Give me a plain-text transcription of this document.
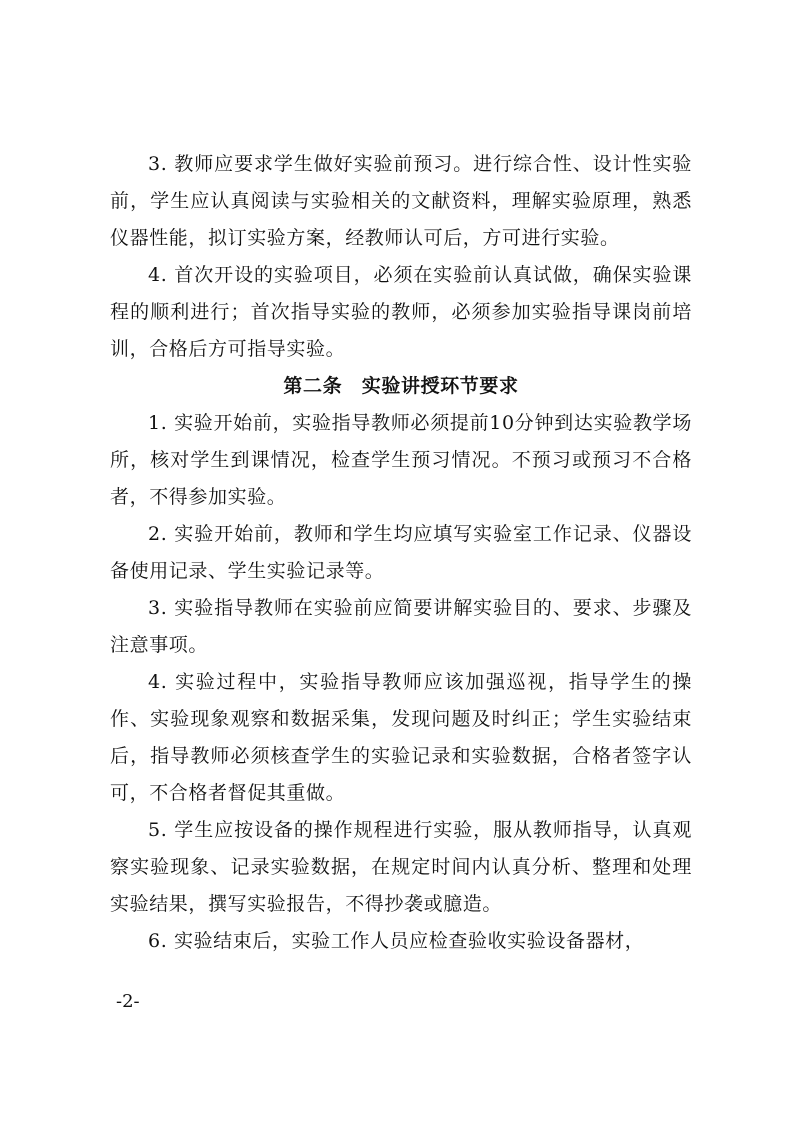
3. 教师应要求学生做好实验前预习。进行综合性、设计性实验前，学生应认真阅读与实验相关的文献资料，理解实验原理，熟悉仪器性能，拟订实验方案，经教师认可后，方可进行实验。

4. 首次开设的实验项目，必须在实验前认真试做，确保实验课程的顺利进行；首次指导实验的教师，必须参加实验指导课岗前培训，合格后方可指导实验。

第二条　实验讲授环节要求

1. 实验开始前，实验指导教师必须提前10分钟到达实验教学场所，核对学生到课情况，检查学生预习情况。不预习或预习不合格者，不得参加实验。

2. 实验开始前，教师和学生均应填写实验室工作记录、仪器设备使用记录、学生实验记录等。

3. 实验指导教师在实验前应简要讲解实验目的、要求、步骤及注意事项。

4. 实验过程中，实验指导教师应该加强巡视，指导学生的操作、实验现象观察和数据采集，发现问题及时纠正；学生实验结束后，指导教师必须核查学生的实验记录和实验数据，合格者签字认可，不合格者督促其重做。

5. 学生应按设备的操作规程进行实验，服从教师指导，认真观察实验现象、记录实验数据，在规定时间内认真分析、整理和处理实验结果，撰写实验报告，不得抄袭或臆造。

6. 实验结束后，实验工作人员应检查验收实验设备器材，

-2-
